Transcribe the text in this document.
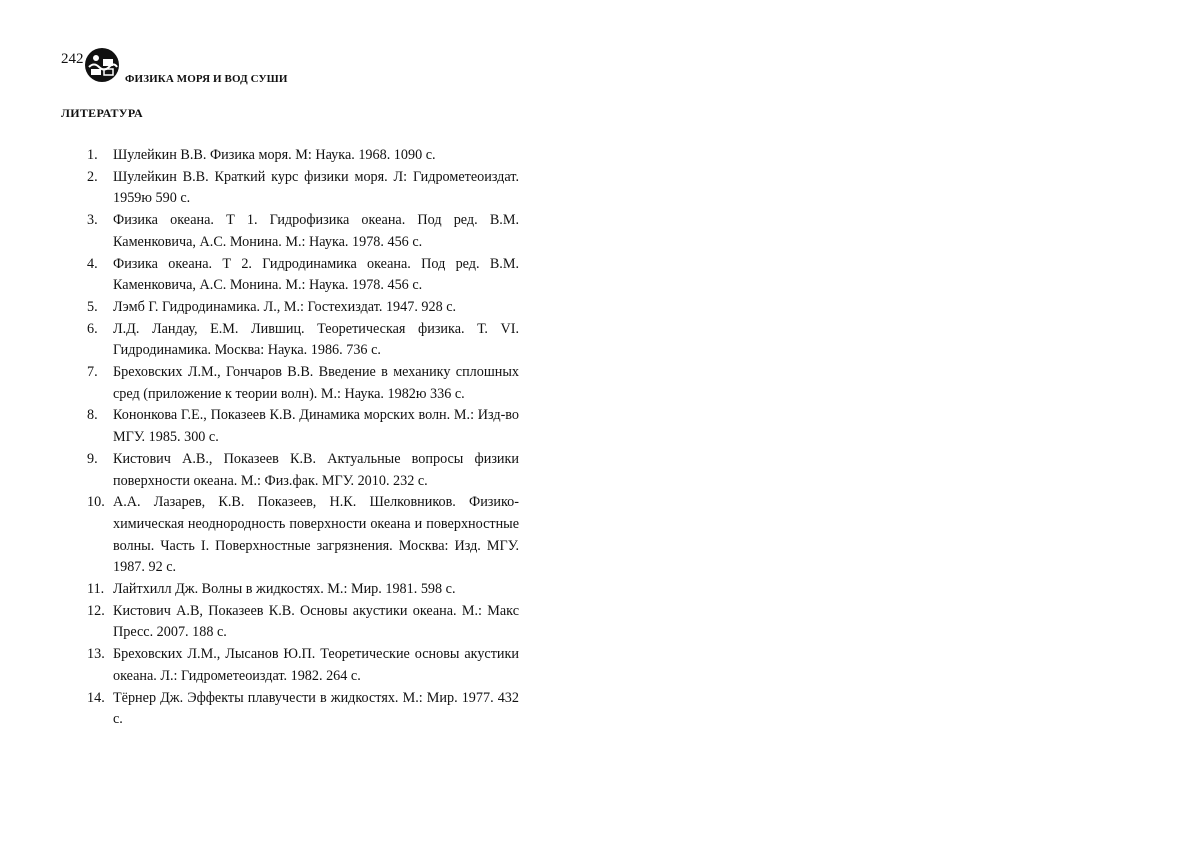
242
ФИЗИКА МОРЯ И ВОД СУШИ
ЛИТЕРАТУРА
1.	Шулейкин В.В. Физика моря. М: Наука. 1968. 1090 с.
2.	Шулейкин В.В. Краткий курс физики моря. Л: Гидрометеоиздат. 1959ю 590 с.
3.	Физика океана. Т 1. Гидрофизика океана. Под ред. В.М. Каменковича, А.С. Монина. М.: Наука. 1978. 456 с.
4.	Физика океана. Т 2. Гидродинамика океана. Под ред. В.М. Каменковича, А.С. Монина. М.: Наука. 1978. 456 с.
5.	Лэмб Г. Гидродинамика. Л., М.: Гостехиздат. 1947. 928 с.
6.	Л.Д. Ландау, Е.М. Лившиц. Теоретическая физика. Т. VI. Гидродинамика. Москва: Наука. 1986. 736 с.
7.	Бреховских Л.М., Гончаров В.В. Введение в механику сплошных сред (приложение к теории волн). М.: Наука. 1982ю 336 с.
8.	Кононкова Г.Е., Показеев К.В. Динамика морских волн. М.: Изд-во МГУ. 1985. 300 с.
9.	Кистович А.В., Показеев К.В. Актуальные вопросы физики поверхности океана. М.: Физ.фак. МГУ. 2010. 232 с.
10. А.А. Лазарев, К.В. Показеев, Н.К. Шелковников. Физико-химическая неоднородность поверхности океана и поверхностные волны. Часть I. Поверхностные загрязнения. Москва: Изд. МГУ. 1987. 92 с.
11. Лайтхилл Дж. Волны в жидкостях. М.: Мир. 1981. 598 с.
12. Кистович А.В, Показеев К.В. Основы акустики океана. М.: Макс Пресс. 2007. 188 с.
13. Бреховских Л.М., Лысанов Ю.П. Теоретические основы акустики океана. Л.: Гидрометеоиздат. 1982. 264 с.
14. Тёрнер Дж. Эффекты плавучести в жидкостях. М.: Мир. 1977. 432 с.
